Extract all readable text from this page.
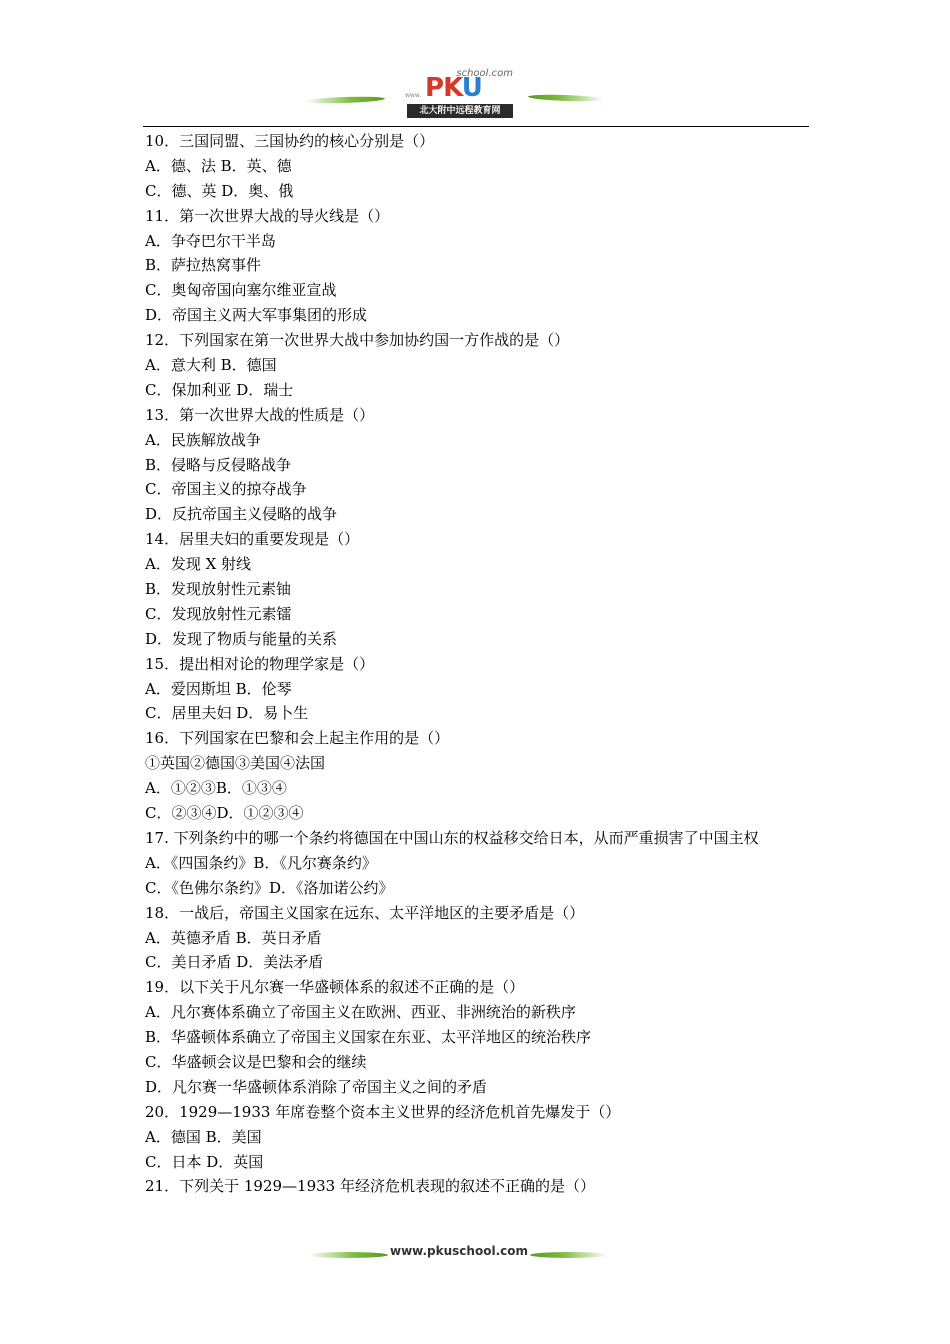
school.com
www. PKU
北大附中远程教育网
10．三国同盟、三国协约的核心分别是（）
A．德、法 B．英、德
C．德、英 D．奥、俄
11．第一次世界大战的导火线是（）
A．争夺巴尔干半岛
B．萨拉热窝事件
C．奥匈帝国向塞尔维亚宣战
D．帝国主义两大军事集团的形成
12．下列国家在第一次世界大战中参加协约国一方作战的是（）
A．意大利 B．德国
C．保加利亚 D．瑞士
13．第一次世界大战的性质是（）
A．民族解放战争
B．侵略与反侵略战争
C．帝国主义的掠夺战争
D．反抗帝国主义侵略的战争
14．居里夫妇的重要发现是（）
A．发现 X 射线
B．发现放射性元素铀
C．发现放射性元素镭
D．发现了物质与能量的关系
15．提出相对论的物理学家是（）
A．爱因斯坦 B．伦琴
C．居里夫妇 D．易卜生
16．下列国家在巴黎和会上起主作用的是（）
①英国②德国③美国④法国
A．①②③B．①③④
C．②③④D．①②③④
17. 下列条约中的哪一个条约将德国在中国山东的权益移交给日本，从而严重损害了中国主权
A．《四国条约》B．《凡尔赛条约》
C．《色佛尔条约》D．《洛加诺公约》
18．一战后，帝国主义国家在远东、太平洋地区的主要矛盾是（）
A．英德矛盾 B．英日矛盾
C．美日矛盾 D．美法矛盾
19．以下关于凡尔赛一华盛顿体系的叙述不正确的是（）
A．凡尔赛体系确立了帝国主义在欧洲、西亚、非洲统治的新秩序
B．华盛顿体系确立了帝国主义国家在东亚、太平洋地区的统治秩序
C．华盛顿会议是巴黎和会的继续
D．凡尔赛一华盛顿体系消除了帝国主义之间的矛盾
20．1929—1933 年席卷整个资本主义世界的经济危机首先爆发于（）
A．德国 B．美国
C．日本 D．英国
21．下列关于 1929—1933 年经济危机表现的叙述不正确的是（）
www.pkuschool.com
